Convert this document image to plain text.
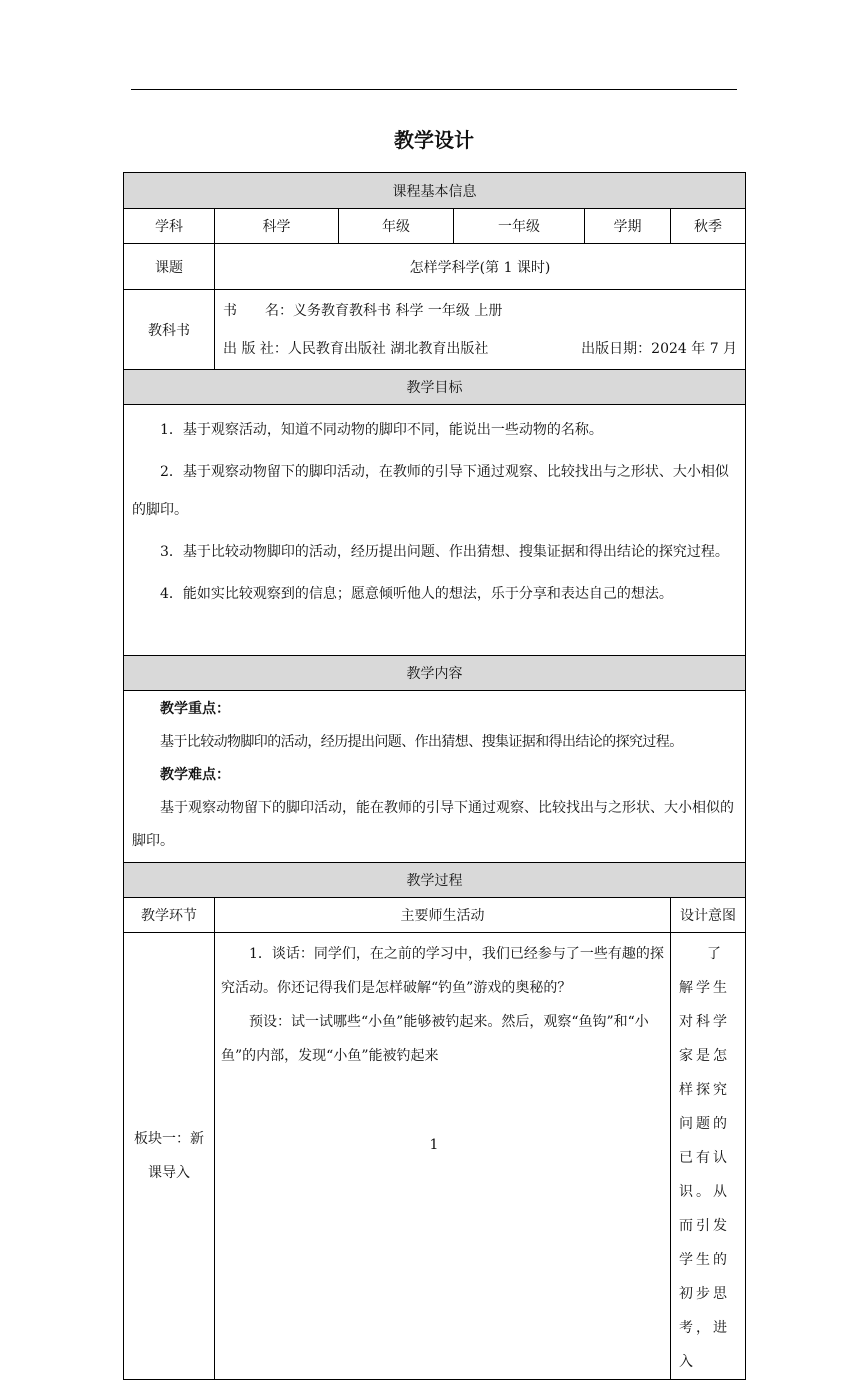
教学设计
课程基本信息					
学科	科学	年级	一年级	学期	秋季
课题	怎样学科学(第 1 课时)				
教科书	书　　名：义务教育教科书 科学 一年级 上册
出 版 社：人民教育出版社 湖北教育出版社 出版日期：2024 年 7 月				

教学目标					

1．基于观察活动，知道不同动物的脚印不同，能说出一些动物的名称。

2．基于观察动物留下的脚印活动，在教师的引导下通过观察、比较找出与之形状、大小相似的脚印。

3．基于比较动物脚印的活动，经历提出问题、作出猜想、搜集证据和得出结论的探究过程。

4．能如实比较观察到的信息；愿意倾听他人的想法，乐于分享和表达自己的想法。					

教学内容					

教学重点：

基于比较动物脚印的活动，经历提出问题、作出猜想、搜集证据和得出结论的探究过程。

教学难点：

基于观察动物留下的脚印活动，能在教师的引导下通过观察、比较找出与之形状、大小相似的脚印。					

教学过程					
教学环节	主要师生活动				设计意图
板块一：新课导入	1．谈话：同学们，在之前的学习中，我们已经参与了一些有趣的探究活动。你还记得我们是怎样破解“钓鱼”游戏的奥秘的？

预设：试一试哪些“小鱼”能够被钓起来。然后，观察“鱼钩”和“小鱼”的内部，发现“小鱼”能被钓起来				了解学生对科学家是怎样探究问题的已有认识。从而引发学生的初步思考，进入

1
